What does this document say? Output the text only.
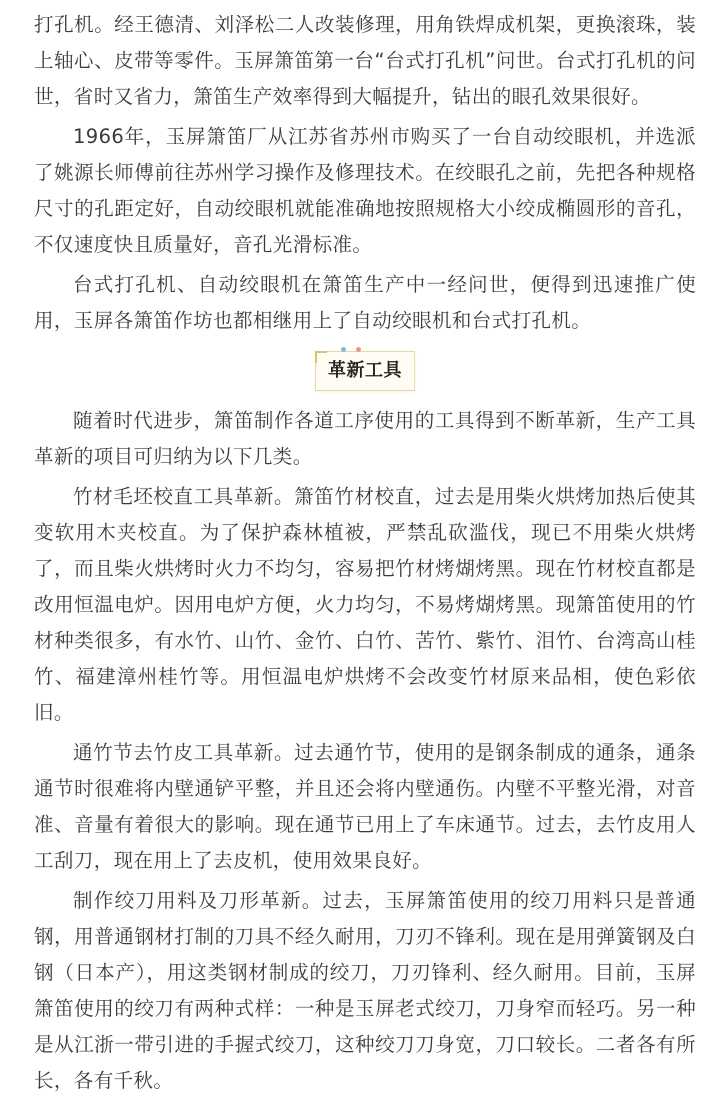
打孔机。经王德清、刘泽松二人改装修理，用角铁焊成机架，更换滚珠，装上轴心、皮带等零件。玉屏箫笛第一台“台式打孔机”问世。台式打孔机的问世，省时又省力，箫笛生产效率得到大幅提升，钻出的眼孔效果很好。

1966年，玉屏箫笛厂从江苏省苏州市购买了一台自动绞眼机，并选派了姚源长师傅前往苏州学习操作及修理技术。在绞眼孔之前，先把各种规格尺寸的孔距定好，自动绞眼机就能准确地按照规格大小绞成椭圆形的音孔，不仅速度快且质量好，音孔光滑标准。

台式打孔机、自动绞眼机在箫笛生产中一经问世，便得到迅速推广使用，玉屏各箫笛作坊也都相继用上了自动绞眼机和台式打孔机。

革新工具

随着时代进步，箫笛制作各道工序使用的工具得到不断革新，生产工具革新的项目可归纳为以下几类。

竹材毛坯校直工具革新。箫笛竹材校直，过去是用柴火烘烤加热后使其变软用木夹校直。为了保护森林植被，严禁乱砍滥伐，现已不用柴火烘烤了，而且柴火烘烤时火力不均匀，容易把竹材烤煳烤黑。现在竹材校直都是改用恒温电炉。因用电炉方便，火力均匀，不易烤煳烤黑。现箫笛使用的竹材种类很多，有水竹、山竹、金竹、白竹、苦竹、紫竹、泪竹、台湾高山桂竹、福建漳州桂竹等。用恒温电炉烘烤不会改变竹材原来品相，使色彩依旧。

通竹节去竹皮工具革新。过去通竹节，使用的是钢条制成的通条，通条通节时很难将内壁通铲平整，并且还会将内壁通伤。内壁不平整光滑，对音准、音量有着很大的影响。现在通节已用上了车床通节。过去，去竹皮用人工刮刀，现在用上了去皮机，使用效果良好。

制作绞刀用料及刀形革新。过去，玉屏箫笛使用的绞刀用料只是普通钢，用普通钢材打制的刀具不经久耐用，刀刃不锋利。现在是用弹簧钢及白钢（日本产），用这类钢材制成的绞刀，刀刃锋利、经久耐用。目前，玉屏箫笛使用的绞刀有两种式样：一种是玉屏老式绞刀，刀身窄而轻巧。另一种是从江浙一带引进的手握式绞刀，这种绞刀刀身宽，刀口较长。二者各有所长，各有千秋。
